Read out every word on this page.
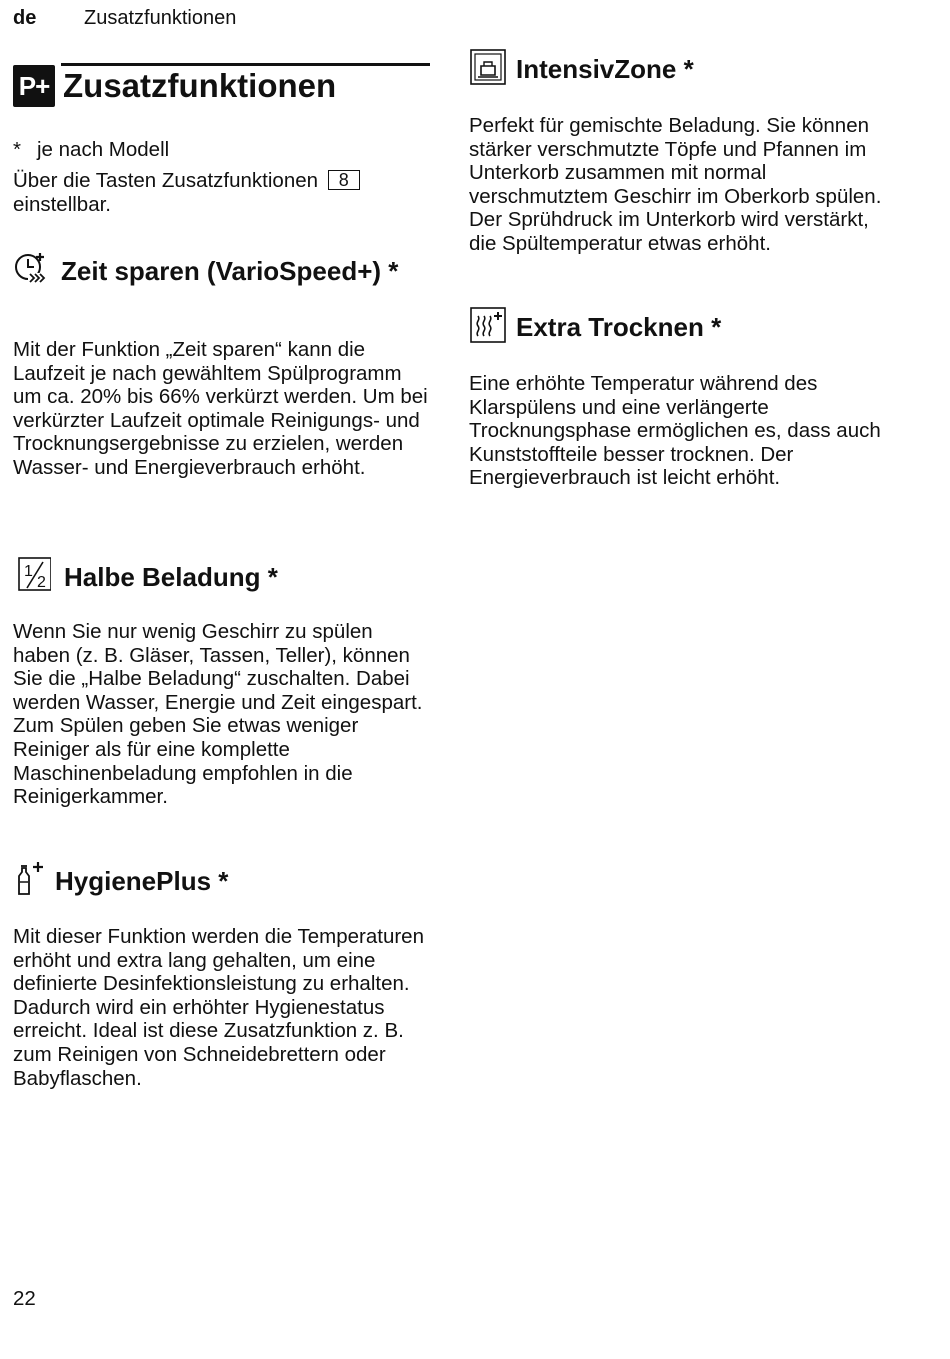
de Zusatzfunktionen
P+ Zusatzfunktionen
* je nach Modell

Über die Tasten Zusatzfunktionen 8
einstellbar.

Zeit sparen (VarioSpeed+) *

Mit der Funktion „Zeit sparen“ kann die Laufzeit je nach gewähltem Spülprogramm um ca. 20% bis 66% verkürzt werden. Um bei verkürzter Laufzeit optimale Reinigungs- und Trocknungsergebnisse zu erzielen, werden Wasser- und Energieverbrauch erhöht.

1
2 Halbe Beladung *

Wenn Sie nur wenig Geschirr zu spülen haben (z. B. Gläser, Tassen, Teller), können Sie die „Halbe Beladung“ zuschalten. Dabei werden Wasser, Energie und Zeit eingespart. Zum Spülen geben Sie etwas weniger Reiniger als für eine komplette Maschinenbeladung empfohlen in die Reinigerkammer.

HygienePlus *

Mit dieser Funktion werden die Temperaturen erhöht und extra lang gehalten, um eine definierte Desinfektionsleistung zu erhalten. Dadurch wird ein erhöhter Hygienestatus erreicht. Ideal ist diese Zusatzfunktion z. B. zum Reinigen von Schneidebrettern oder Babyflaschen.

IntensivZone *

Perfekt für gemischte Beladung. Sie können stärker verschmutzte Töpfe und Pfannen im Unterkorb zusammen mit normal verschmutztem Geschirr im Oberkorb spülen. Der Sprühdruck im Unterkorb wird verstärkt, die Spültemperatur etwas erhöht.

Extra Trocknen *

Eine erhöhte Temperatur während des Klarspülens und eine verlängerte Trocknungsphase ermöglichen es, dass auch Kunststoffteile besser trocknen. Der Energieverbrauch ist leicht erhöht.

22
